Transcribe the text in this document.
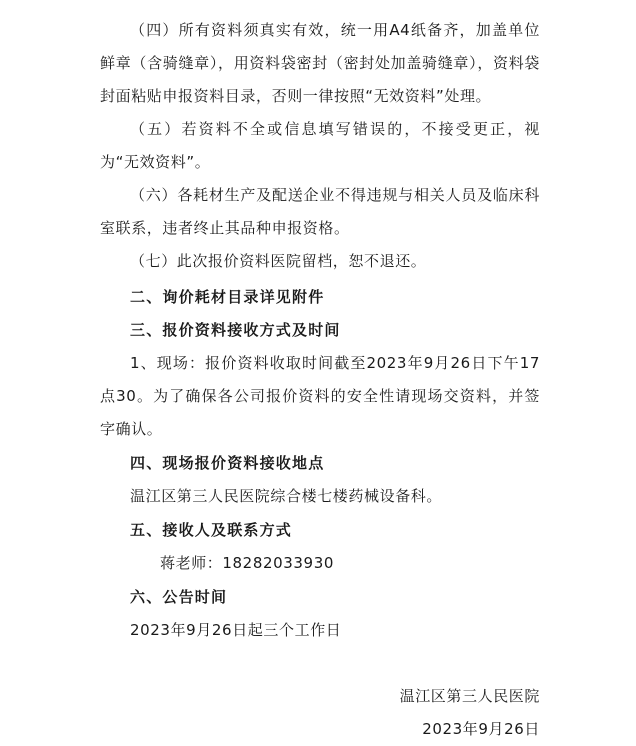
（四）所有资料须真实有效，统一用A4纸备齐，加盖单位鲜章（含骑缝章），用资料袋密封（密封处加盖骑缝章），资料袋封面粘贴申报资料目录，否则一律按照“无效资料”处理。

（五）若资料不全或信息填写错误的，不接受更正，视为“无效资料”。

（六）各耗材生产及配送企业不得违规与相关人员及临床科室联系，违者终止其品种申报资格。

（七）此次报价资料医院留档，恕不退还。

二、询价耗材目录详见附件

三、报价资料接收方式及时间

1、现场：报价资料收取时间截至2023年9月26日下午17点30。为了确保各公司报价资料的安全性请现场交资料，并签字确认。

四、现场报价资料接收地点

温江区第三人民医院综合楼七楼药械设备科。

五、接收人及联系方式

蒋老师：18282033930

六、公告时间

2023年9月26日起三个工作日

温江区第三人民医院

2023年9月26日
